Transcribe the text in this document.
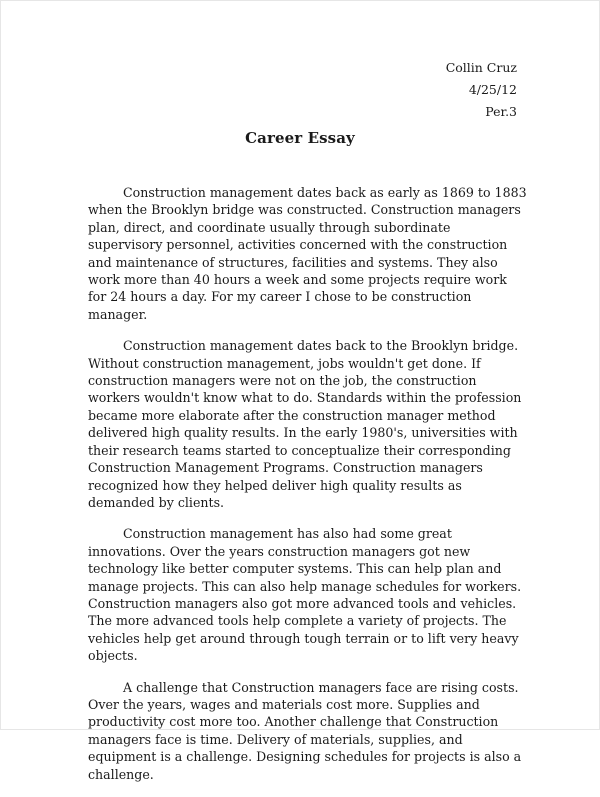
Collin Cruz
4/25/12
Per.3
Career Essay

Construction management dates back as early as 1869 to 1883 when the Brooklyn bridge was constructed. Construction managers plan, direct, and coordinate usually through subordinate supervisory personnel, activities concerned with the construction and maintenance of structures, facilities and systems. They also work more than 40 hours a week and some projects require work for 24 hours a day. For my career I chose to be construction manager.

Construction management dates back to the Brooklyn bridge. Without construction management, jobs wouldn't get done. If construction managers were not on the job, the construction workers wouldn't know what to do. Standards within the profession became more elaborate after the construction manager method delivered high quality results. In the early 1980's, universities with their research teams started to conceptualize their corresponding Construction Management Programs. Construction managers recognized how they helped deliver high quality results as demanded by clients.

Construction management has also had some great innovations. Over the years construction managers got new technology like better computer systems. This can help plan and manage projects. This can also help manage schedules for workers. Construction managers also got more advanced tools and vehicles. The more advanced tools help complete a variety of projects. The vehicles help get around through tough terrain or to lift very heavy objects.

A challenge that Construction managers face are rising costs. Over the years, wages and materials cost more. Supplies and productivity cost more too. Another challenge that Construction managers face is time. Delivery of materials, supplies, and equipment is a challenge. Designing schedules for projects is also a challenge.
